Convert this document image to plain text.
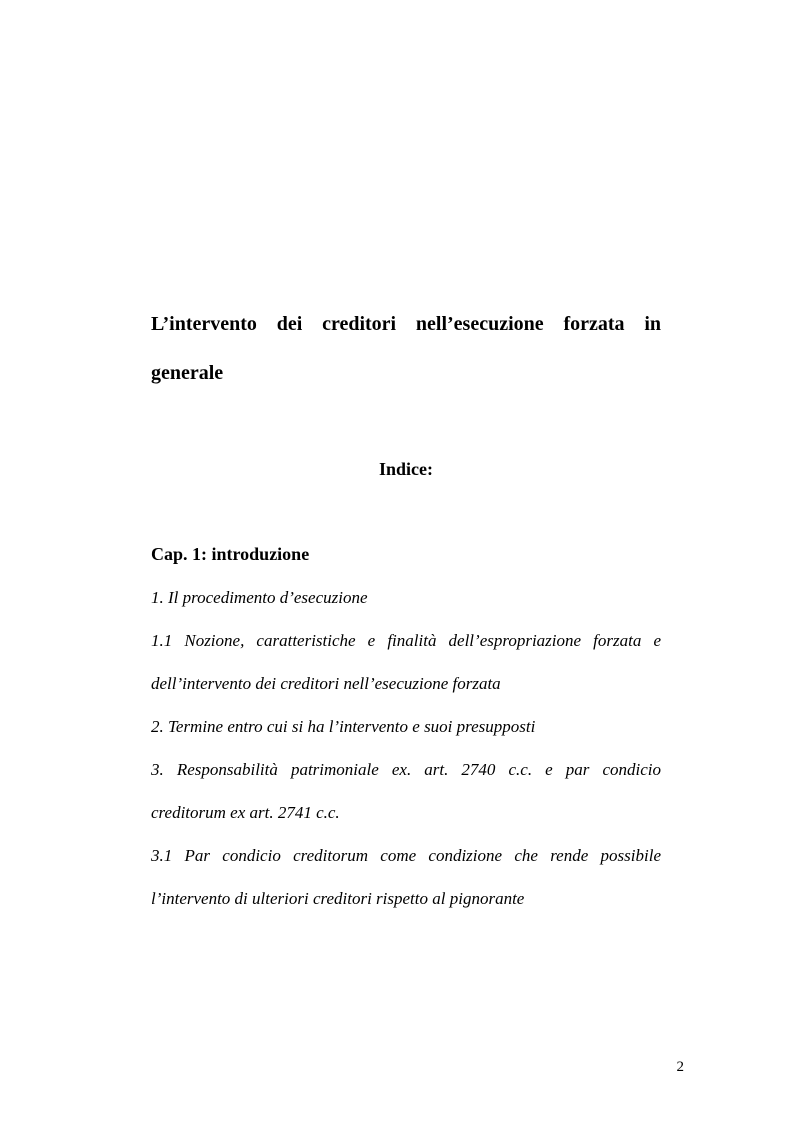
L’intervento dei creditori nell’esecuzione forzata in
generale
Indice:
Cap. 1: introduzione
1. Il procedimento d’esecuzione
1.1 Nozione, caratteristiche e finalità dell’espropriazione forzata e
dell’intervento dei creditori nell’esecuzione forzata
2. Termine entro cui si ha l’intervento e suoi presupposti
3. Responsabilità patrimoniale ex. art. 2740 c.c. e par condicio
creditorum ex art. 2741 c.c.
3.1 Par condicio creditorum come condizione che rende possibile
l’intervento di ulteriori creditori rispetto al pignorante
2
